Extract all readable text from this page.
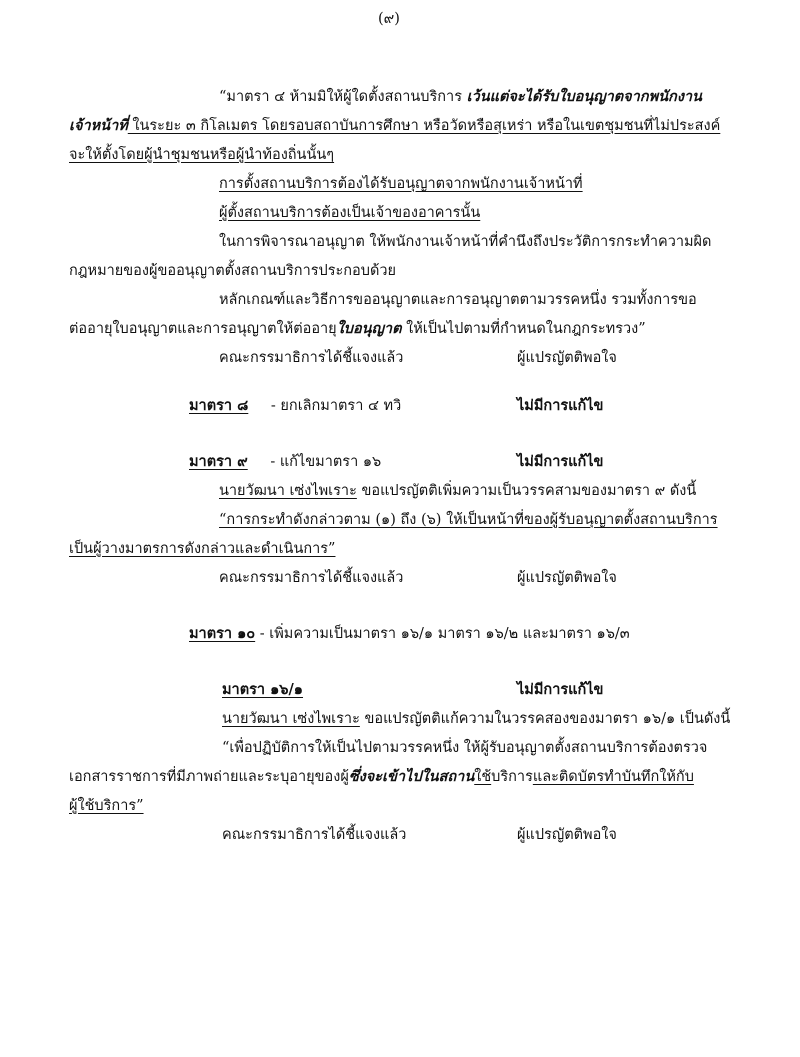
(๙)
“มาตรา ๔ ห้ามมิให้ผู้ใดตั้งสถานบริการ เว้นแต่จะได้รับใบอนุญาตจากพนักงาน
เจ้าหน้าที่ ในระยะ ๓ กิโลเมตร โดยรอบสถาบันการศึกษา หรือวัดหรือสุเหร่า หรือในเขตชุมชนที่ไม่ประสงค์
จะให้ตั้งโดยผู้นำชุมชนหรือผู้นำท้องถิ่นนั้นๆ
การตั้งสถานบริการต้องได้รับอนุญาตจากพนักงานเจ้าหน้าที่
ผู้ตั้งสถานบริการต้องเป็นเจ้าของอาคารนั้น
ในการพิจารณาอนุญาต ให้พนักงานเจ้าหน้าที่คำนึงถึงประวัติการกระทำความผิด
กฎหมายของผู้ขออนุญาตตั้งสถานบริการประกอบด้วย
หลักเกณฑ์และวิธีการขออนุญาตและการอนุญาตตามวรรคหนึ่ง รวมทั้งการขอ
ต่ออายุใบอนุญาตและการอนุญาตให้ต่ออายุใบอนุญาต ให้เป็นไปตามที่กำหนดในกฎกระทรวง”
คณะกรรมาธิการได้ชี้แจงแล้ว	ผู้แปรญัตติพอใจ
มาตรา ๘ - ยกเลิกมาตรา ๔ ทวิ	ไม่มีการแก้ไข
มาตรา ๙ - แก้ไขมาตรา ๑๖	ไม่มีการแก้ไข
นายวัฒนา เซ่งไพเราะ ขอแปรญัตติเพิ่มความเป็นวรรคสามของมาตรา ๙ ดังนี้
“การกระทำดังกล่าวตาม (๑) ถึง (๖) ให้เป็นหน้าที่ของผู้รับอนุญาตตั้งสถานบริการ
เป็นผู้วางมาตรการดังกล่าวและดำเนินการ”
คณะกรรมาธิการได้ชี้แจงแล้ว	ผู้แปรญัตติพอใจ
มาตรา ๑๐ - เพิ่มความเป็นมาตรา ๑๖/๑ มาตรา ๑๖/๒ และมาตรา ๑๖/๓
มาตรา ๑๖/๑	ไม่มีการแก้ไข
นายวัฒนา เซ่งไพเราะ ขอแปรญัตติแก้ความในวรรคสองของมาตรา ๑๖/๑ เป็นดังนี้
“เพื่อปฏิบัติการให้เป็นไปตามวรรคหนึ่ง ให้ผู้รับอนุญาตตั้งสถานบริการต้องตรวจ
เอกสารราชการที่มีภาพถ่ายและระบุอายุของผู้ซึ่งจะเข้าไปในสถานใช้บริการและติดบัตรทำบันทึกให้กับ
ผู้ใช้บริการ”
คณะกรรมาธิการได้ชี้แจงแล้ว	ผู้แปรญัตติพอใจ
